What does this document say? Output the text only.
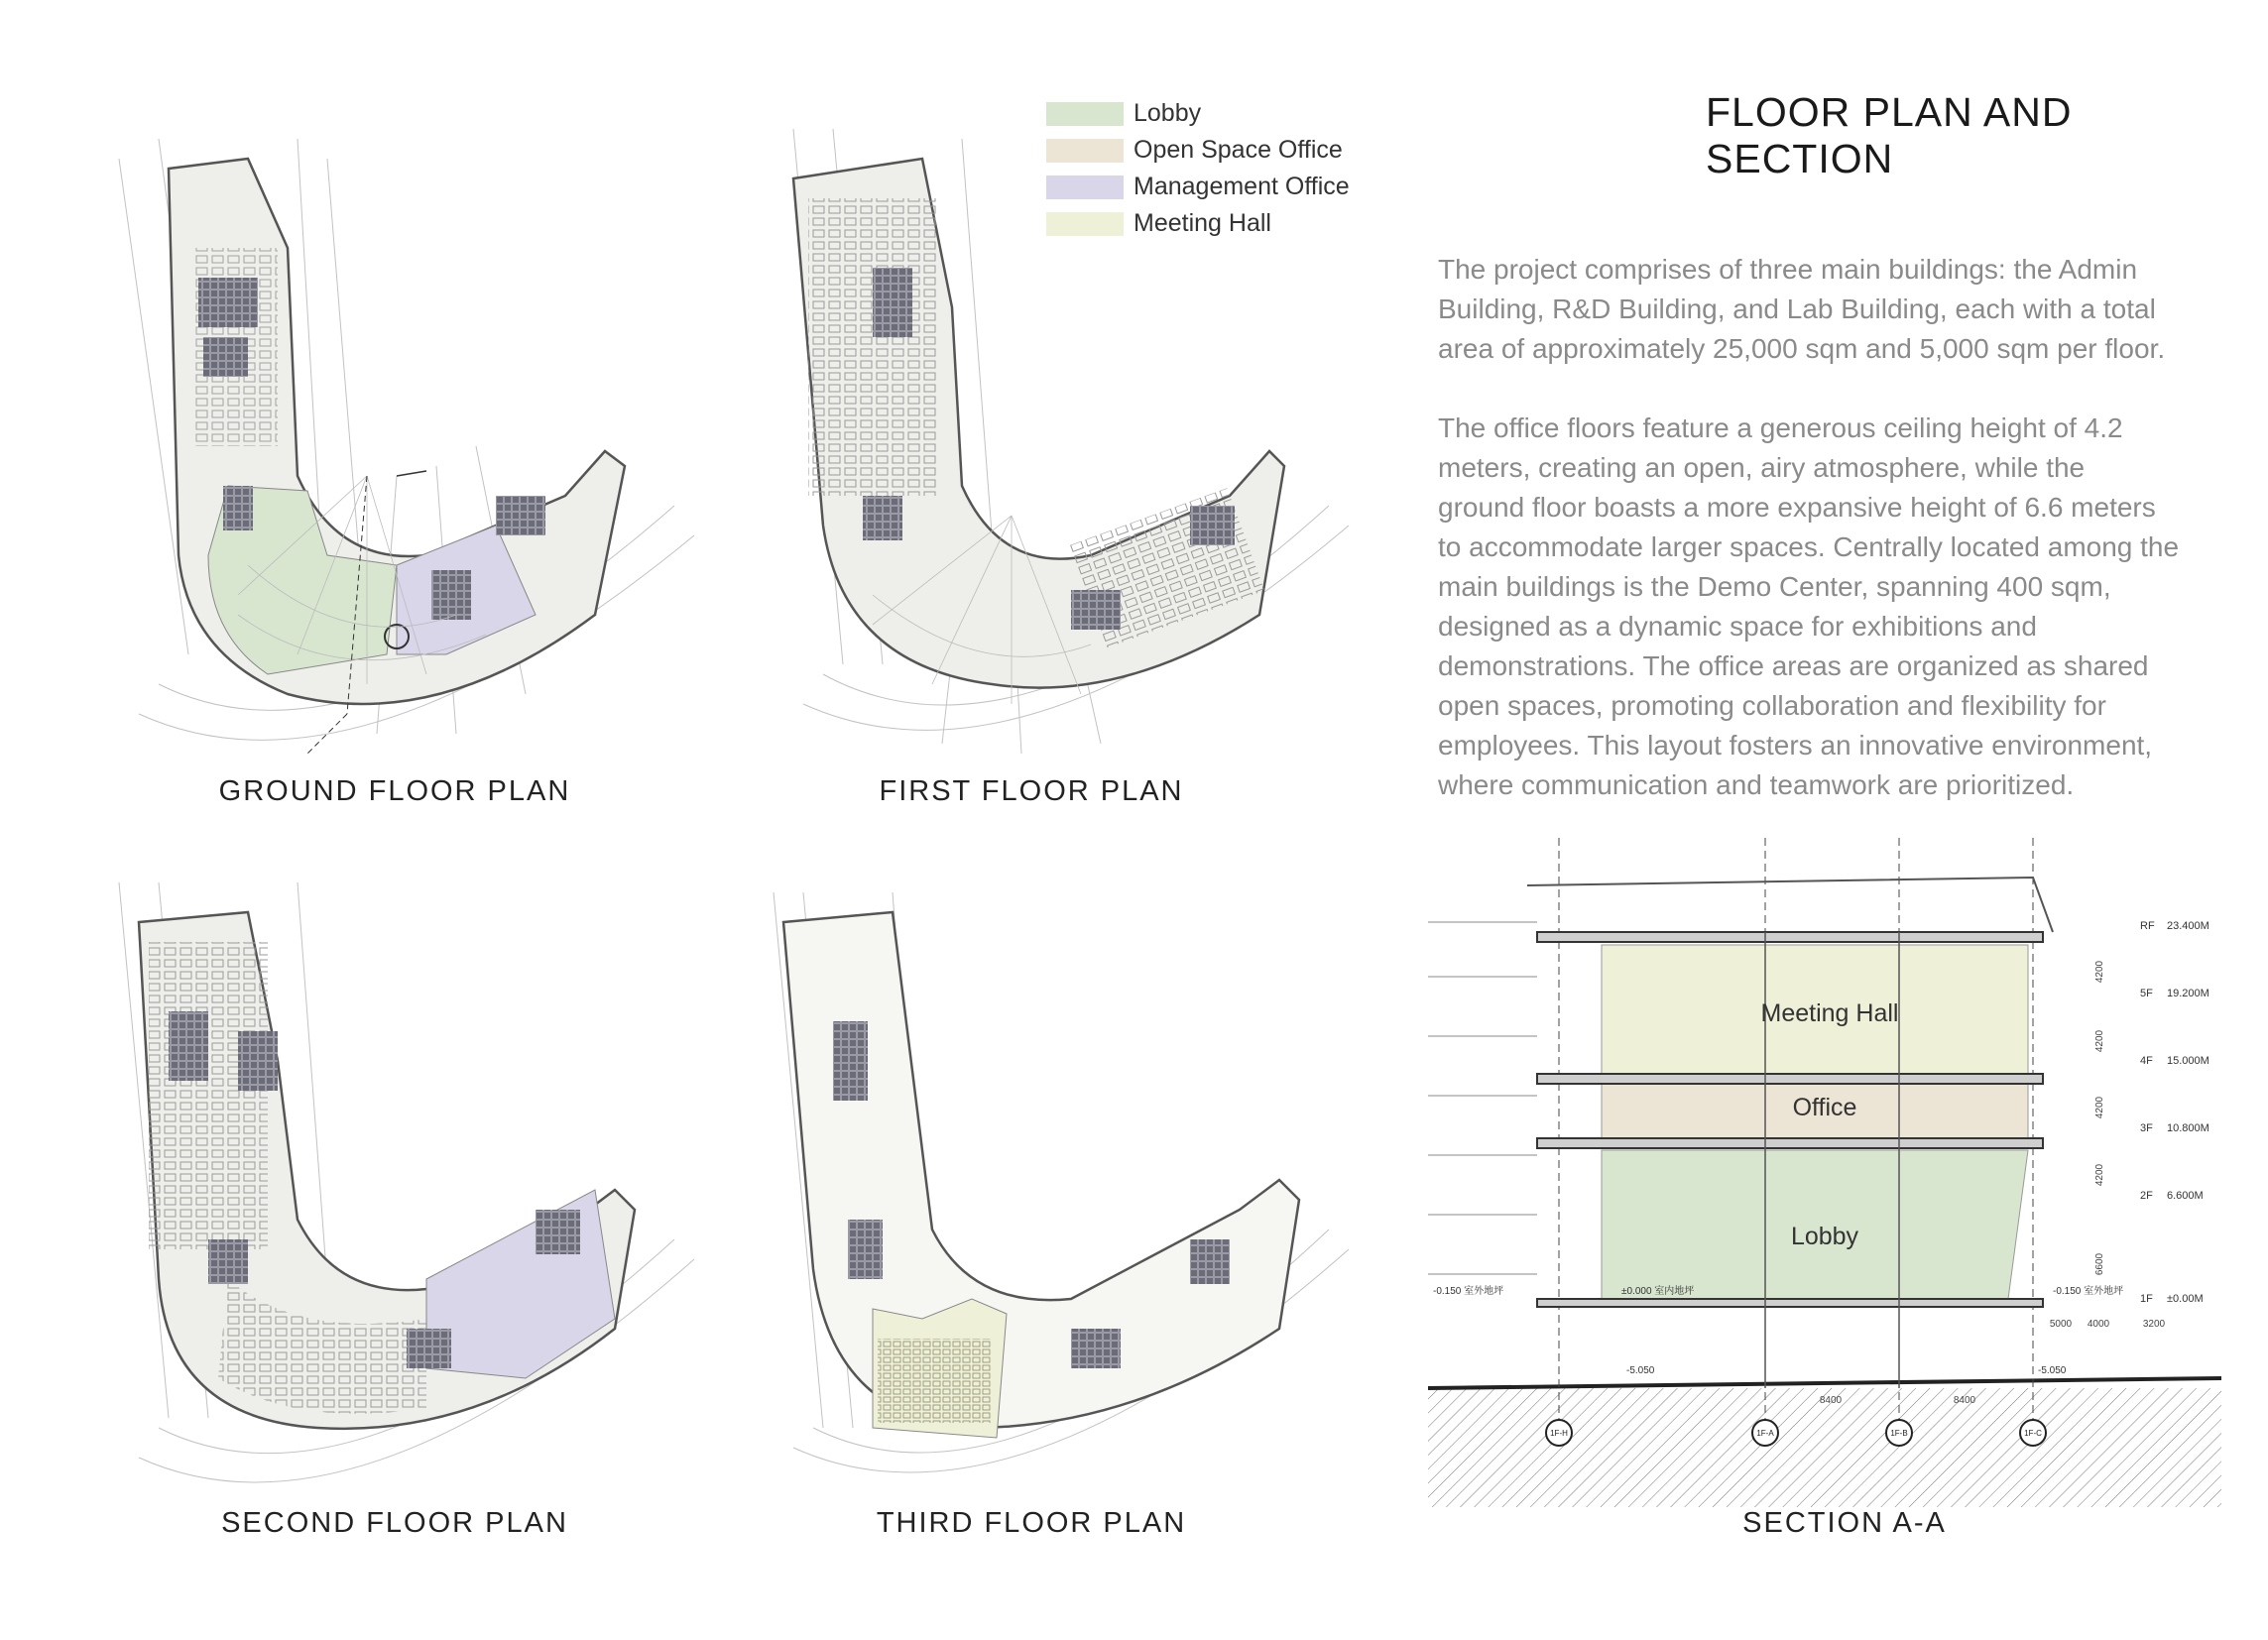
FLOOR PLAN AND SECTION
Lobby
Open Space Office
Management Office
Meeting Hall
The project comprises of three main buildings: the Admin
Building, R&D Building, and Lab Building, each with a total
area of approximately 25,000 sqm and 5,000 sqm per floor.
The office floors feature a generous ceiling height of 4.2
meters, creating an open, airy atmosphere, while the
ground floor boasts a more expansive height of 6.6 meters
to accommodate larger spaces. Centrally located among the
main buildings is the Demo Center, spanning 400 sqm,
designed as a dynamic space for exhibitions and
demonstrations. The office areas are organized as shared
open spaces, promoting collaboration and flexibility for
employees. This layout fosters an innovative environment,
where communication and teamwork are prioritized.
GROUND FLOOR PLAN	FIRST FLOOR PLAN
SECOND FLOOR PLAN	THIRD FLOOR PLAN
Meeting Hall
Office
Lobby
RF 23.400M
5F 19.200M
4F 15.000M
3F 10.800M
2F 6.600M
1F ±0.00M
4200
4200
4200
4200
6600
5000 4000	3200
8400	8400
-0.150 室外地坪	±0.000 室内地坪	-0.150 室外地坪
-5.050	-5.050
1F-H	1F-A	1F-B	1F-C
SECTION A-A
